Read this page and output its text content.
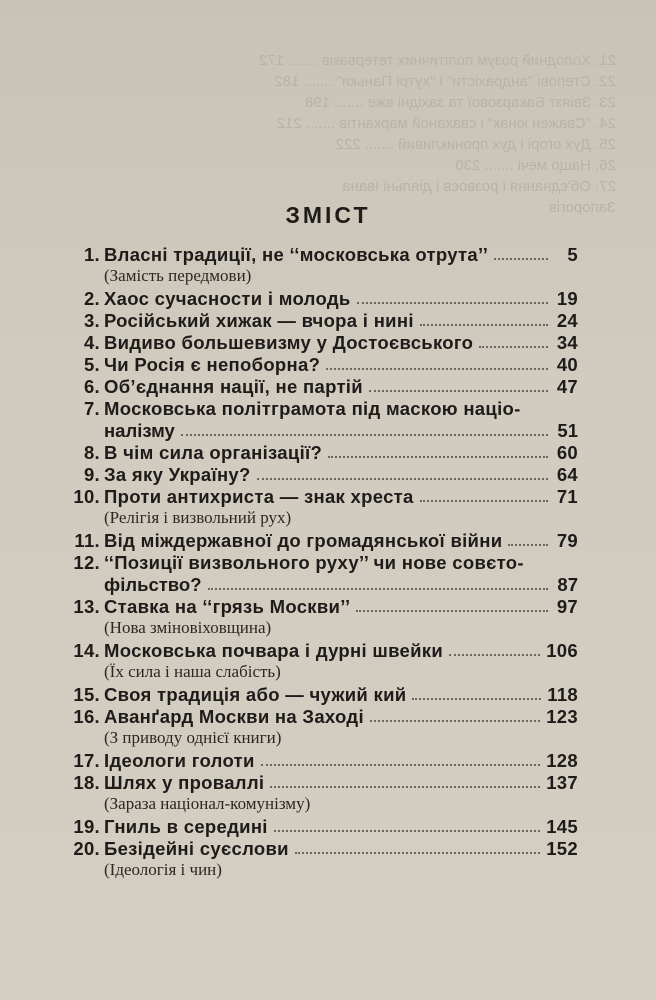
21. Холодний розум політичних тетерваків ....... 172
22. Степові "андрахісти" і "хутрі Паньки" ....... 182
23. Звіязт Бакарзової та західні вже ....... 198
24. "Сважен юнак" і сваханой маркантів ....... 212
25. Дух огорі і дух проникливий ....... 222
26. Нащо мечі ....... 230
27. Об'єднання і розвоєв і діяльні Івана
Запорогів
ЗМІСТ
1. Власні традиції, не ‘‘московська отрута’’	5
(Замість передмови)
2. Хаос сучасности і молодь	19
3. Російський хижак — вчора і нині	24
4. Видиво большевизму у Достоєвського	34
5. Чи Росія є непоборна?	40
6. Об’єднання нації, не партій	47
7. Московська політграмота під маскою націо-
налізму	51
8. В чім сила організації?	60
9. За яку Україну?	64
10. Проти антихриста — знак хреста	71
(Релігія і визвольний рух)
11. Від міждержавної до громадянської війни	79
12. ‘‘Позиції визвольного руху’’ чи нове совєто-
фільство?	87
13. Ставка на ‘‘грязь Москви’’	97
(Нова зміновіховщина)
14. Московська почвара і дурні швейки	106
(Їх сила і наша слабість)
15. Своя традиція або — чужий кий	118
16. Аванґард Москви на Заході	123
(З приводу однієї книги)
17. Ідеологи голоти	128
18. Шлях у проваллі	137
(Зараза націонал-комунізму)
19. Гниль в середині	145
20. Безідейні суєслови	152
(Ідеологія і чин)
